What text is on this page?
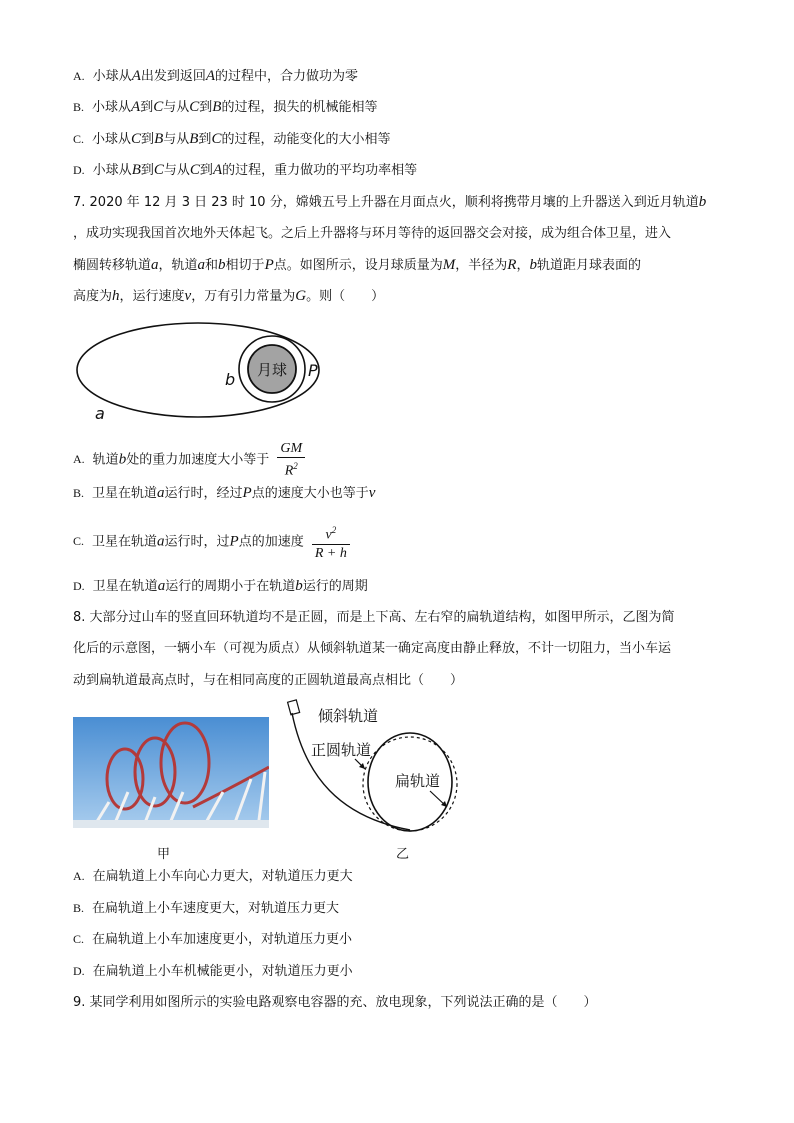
A. 小球从A出发到返回A的过程中，合力做功为零
B. 小球从A到C与从C到B的过程，损失的机械能相等
C. 小球从C到B与从B到C的过程，动能变化的大小相等
D. 小球从B到C与从C到A的过程，重力做功的平均功率相等
7. 2020 年 12 月 3 日 23 时 10 分，嫦娥五号上升器在月面点火，顺利将携带月壤的上升器送入到近月轨道b
，成功实现我国首次地外天体起飞。之后上升器将与环月等待的返回器交会对接，成为组合体卫星，进入
椭圆转移轨道a，轨道a和b相切于P点。如图所示，设月球质量为M，半径为R，b轨道距月球表面的
高度为h，运行速度v，万有引力常量为G。则（　　）
月球 P
b
a
A. 轨道b处的重力加速度大小等于 $\frac{GM}{R^2}$
B. 卫星在轨道a运行时，经过P点的速度大小也等于v
C. 卫星在轨道a运行时，过P点的加速度 $\frac{v^2}{R + h}$
D. 卫星在轨道a运行的周期小于在轨道b运行的周期
8. 大部分过山车的竖直回环轨道均不是正圆，而是上下高、左右窄的扁轨道结构，如图甲所示，乙图为简
化后的示意图，一辆小车（可视为质点）从倾斜轨道某一确定高度由静止释放，不计一切阻力，当小车运
动到扁轨道最高点时，与在相同高度的正圆轨道最高点相比（　　）
甲
倾斜轨道
正圆轨道
扁轨道
乙
A. 在扁轨道上小车向心力更大，对轨道压力更大
B. 在扁轨道上小车速度更大，对轨道压力更大
C. 在扁轨道上小车加速度更小，对轨道压力更小
D. 在扁轨道上小车机械能更小，对轨道压力更小
9. 某同学利用如图所示的实验电路观察电容器的充、放电现象，下列说法正确的是（　　）
